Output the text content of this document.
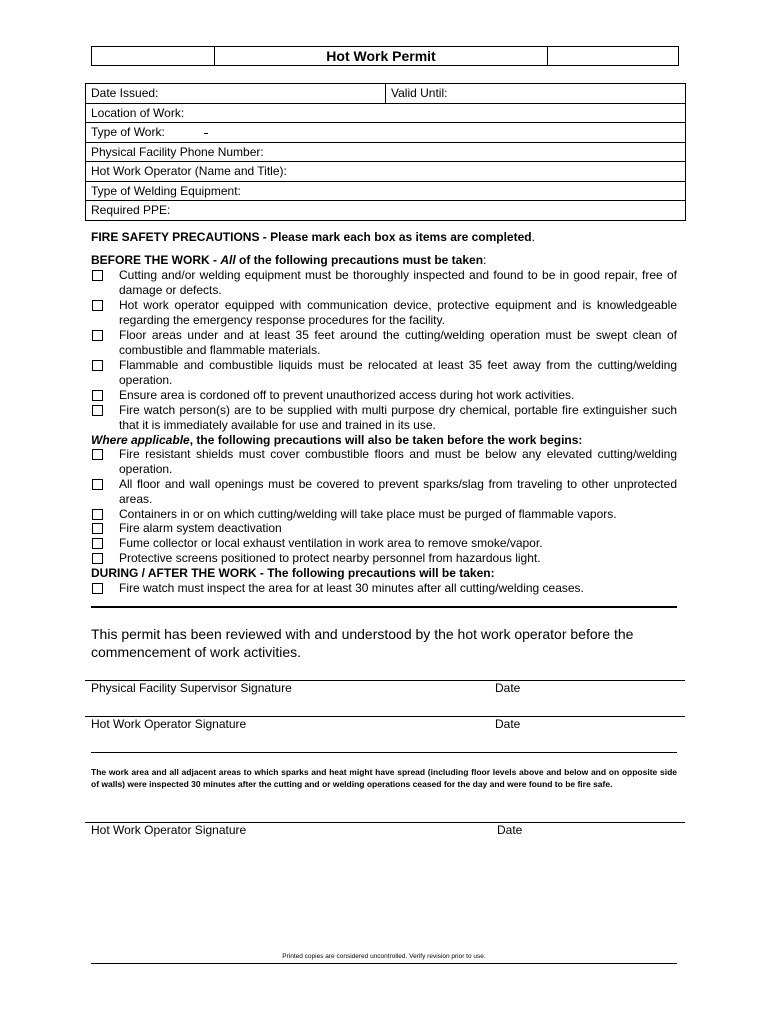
	Hot Work Permit	
Date Issued:	Valid Until:
Location of Work:
Type of Work:

Physical Facility Phone Number:
Hot Work Operator (Name and Title):
Type of Welding Equipment:
Required PPE:
FIRE SAFETY PRECAUTIONS - Please mark each box as items are completed.
BEFORE THE WORK - All of the following precautions must be taken:
Cutting and/or welding equipment must be thoroughly inspected and found to be in good repair, free of damage or defects.
Hot work operator equipped with communication device, protective equipment and is knowledgeable regarding the emergency response procedures for the facility.
Floor areas under and at least 35 feet around the cutting/welding operation must be swept clean of combustible and flammable materials.
Flammable and combustible liquids must be relocated at least 35 feet away from the cutting/welding operation.
Ensure area is cordoned off to prevent unauthorized access during hot work activities.
Fire watch person(s) are to be supplied with multi purpose dry chemical, portable fire extinguisher such that it is immediately available for use and trained in its use.
Where applicable, the following precautions will also be taken before the work begins:
Fire resistant shields must cover combustible floors and must be below any elevated cutting/welding operation.
All floor and wall openings must be covered to prevent sparks/slag from traveling to other unprotected areas.
Containers in or on which cutting/welding will take place must be purged of flammable vapors.
Fire alarm system deactivation
Fume collector or local exhaust ventilation in work area to remove smoke/vapor.
Protective screens positioned to protect nearby personnel from hazardous light.
DURING / AFTER THE WORK - The following precautions will be taken:
Fire watch must inspect the area for at least 30 minutes after all cutting/welding ceases.
This permit has been reviewed with and understood by the hot work operator before the commencement of work activities.
Physical Facility Supervisor Signature	Date
Hot Work Operator Signature	Date
The work area and all adjacent areas to which sparks and heat might have spread (including floor levels above and below and on opposite side of walls) were inspected 30 minutes after the cutting and or welding operations ceased for the day and were found to be fire safe.
Hot Work Operator Signature	Date
Printed copies are considered uncontrolled. Verify revision prior to use.
